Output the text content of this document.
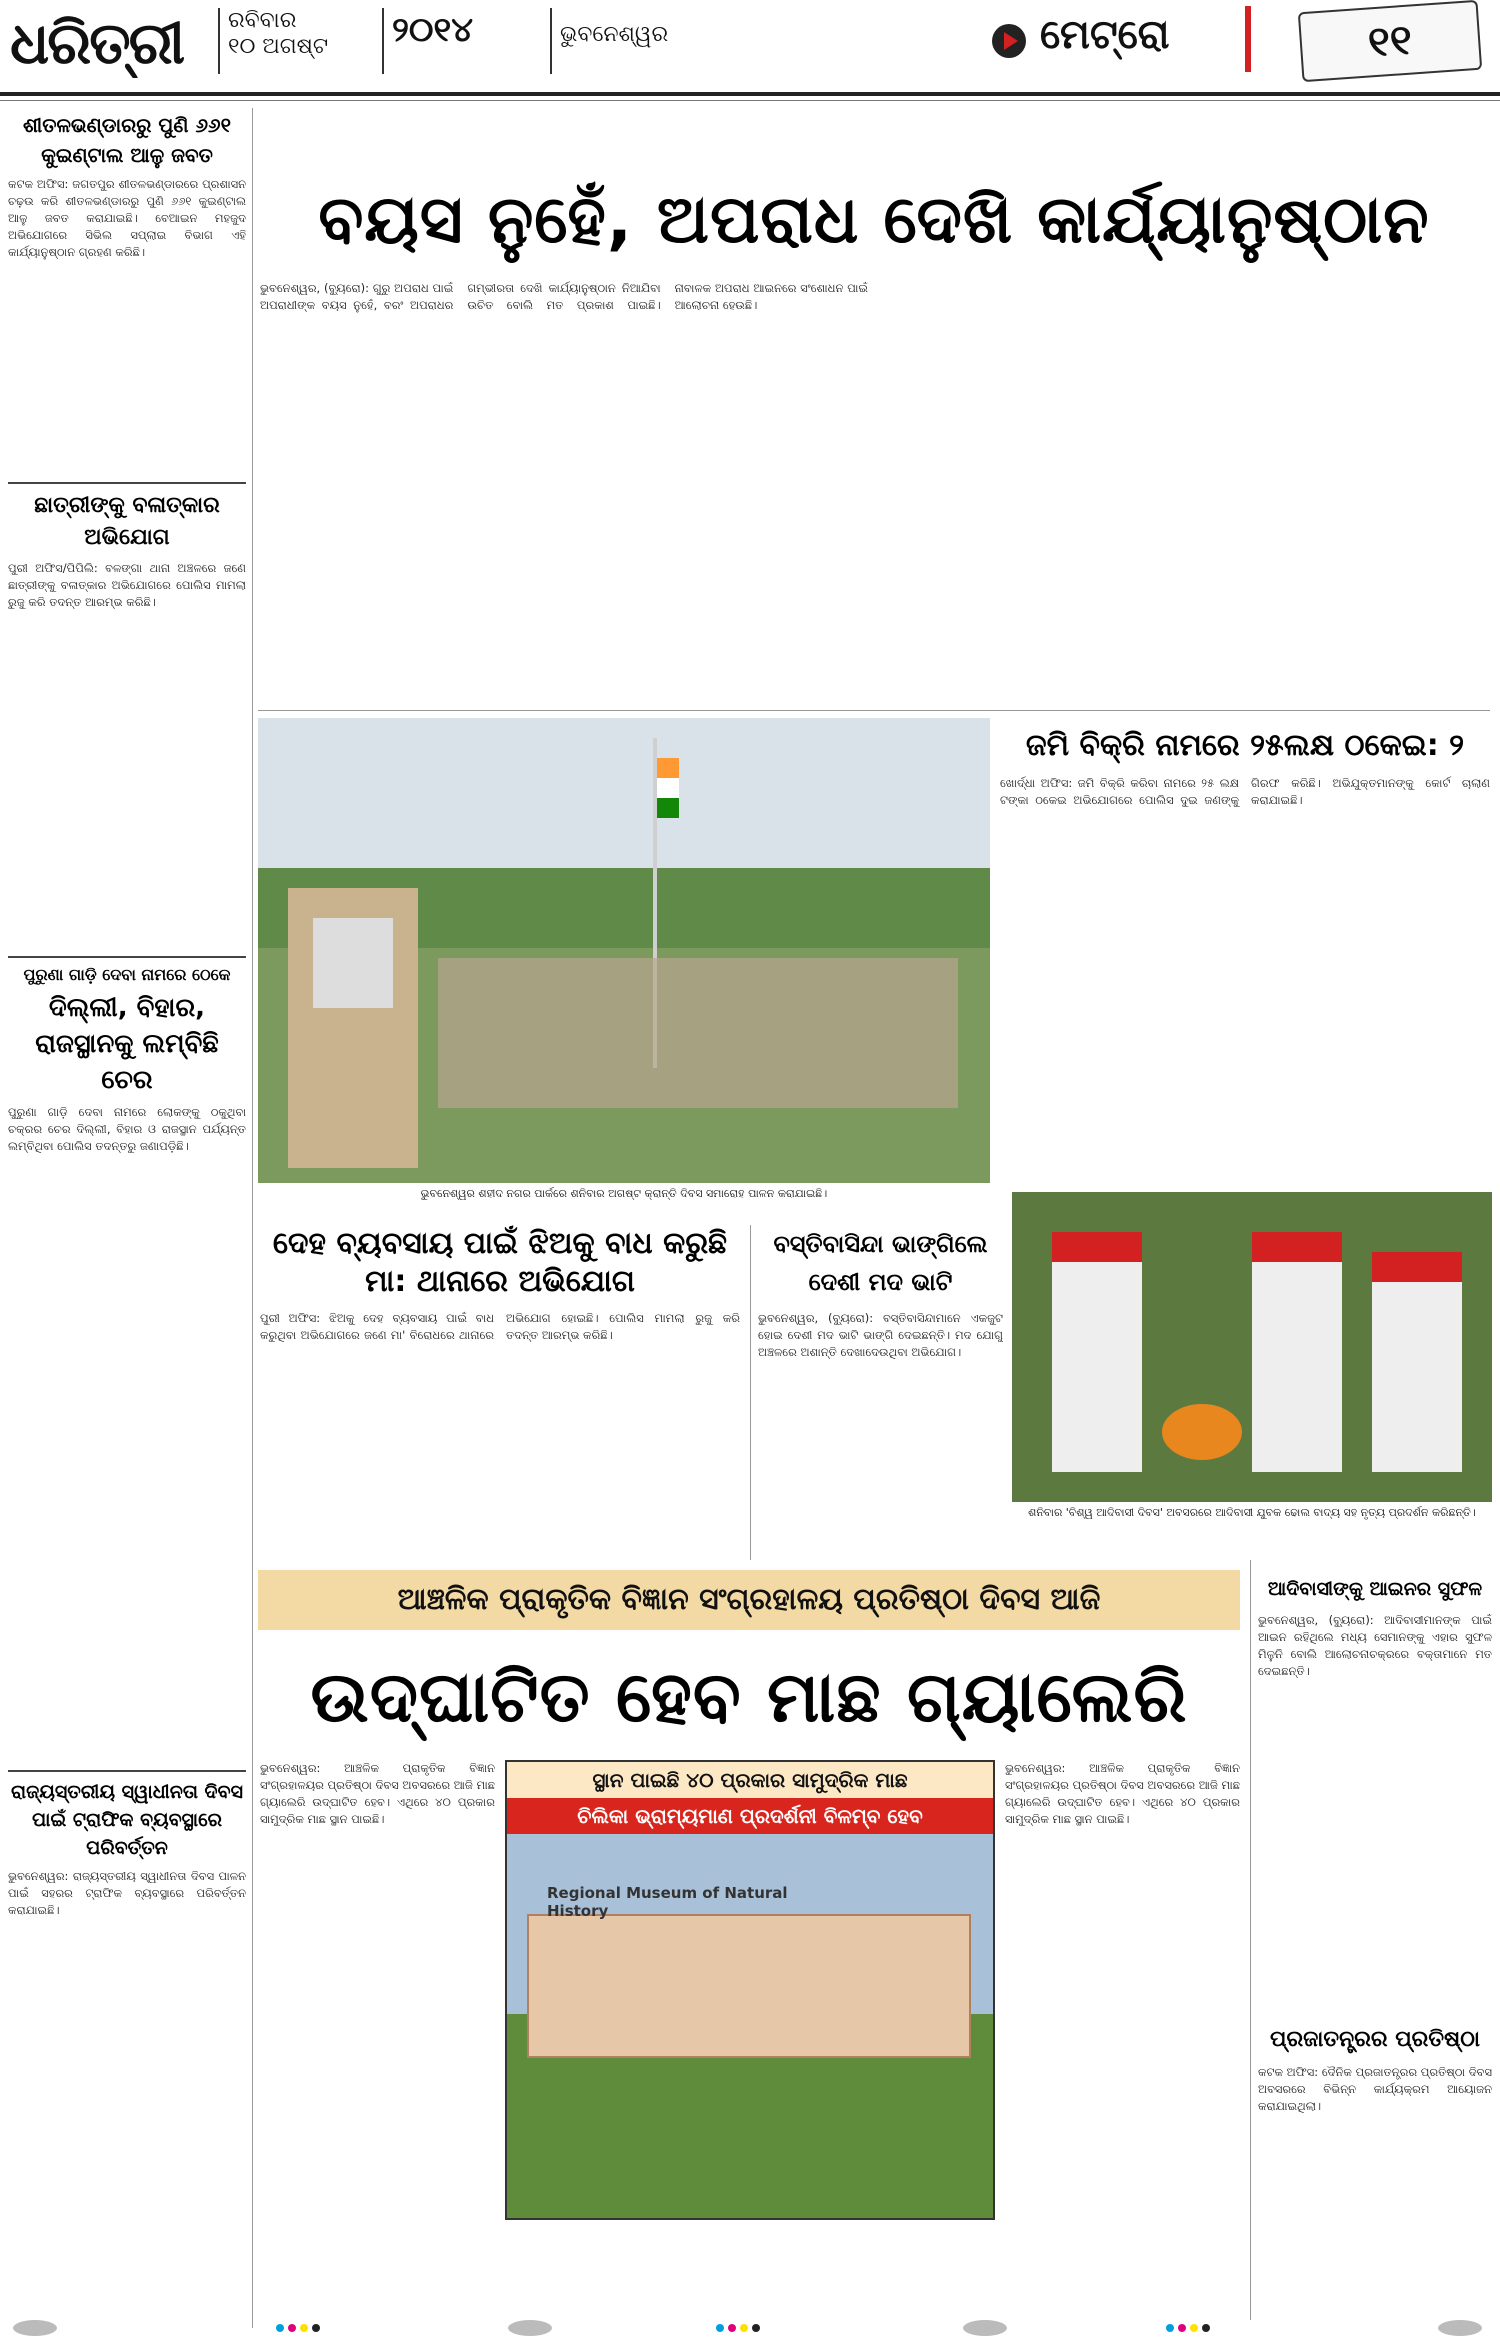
ଧରିତ୍ରୀ	ରବିବାର
୧୦ ଅଗଷ୍ଟ	୨୦୧୪	ଭୁବନେଶ୍ୱର	ମେଟ୍ରୋ	୧୧
ଶୀତଳଭଣ୍ଡାରରୁ ପୁଣି ୬୬୧ କୁଇଣ୍ଟାଲ ଆଳୁ ଜବତ
କଟକ ଅଫିସ: ଜଗତପୁର ଶୀତଳଭଣ୍ଡାରରେ ପ୍ରଶାସନ ଚଢ଼ଉ କରି ଶୀତଳଭଣ୍ଡାରରୁ ପୁଣି ୬୬୧ କୁଇଣ୍ଟାଲ ଆଳୁ ଜବତ କରାଯାଇଛି। ବେଆଇନ ମହଜୁଦ ଅଭିଯୋଗରେ ସିଭିଲ ସପ୍ଲାଇ ବିଭାଗ ଏହି କାର୍ଯ୍ୟାନୁଷ୍ଠାନ ଗ୍ରହଣ କରିଛି।
ଛାତ୍ରୀଙ୍କୁ ବଳାତ୍କାର ଅଭିଯୋଗ
ପୁରୀ ଅଫିସ/ପିପିଲି: ବଳଙ୍ଗା ଥାନା ଅଞ୍ଚଳରେ ଜଣେ ଛାତ୍ରୀଙ୍କୁ ବଳାତ୍କାର ଅଭିଯୋଗରେ ପୋଲିସ ମାମଲା ରୁଜୁ କରି ତଦନ୍ତ ଆରମ୍ଭ କରିଛି।
ପୁରୁଣା ଗାଡ଼ି ଦେବା ନାମରେ ଠେକେ
ଦିଲ୍ଲୀ, ବିହାର, ରାଜସ୍ଥାନକୁ ଲମ୍ବିଛି ଚେର
ପୁରୁଣା ଗାଡ଼ି ଦେବା ନାମରେ ଲୋକଙ୍କୁ ଠକୁଥିବା ଚକ୍ରର ଚେର ଦିଲ୍ଲୀ, ବିହାର ଓ ରାଜସ୍ଥାନ ପର୍ଯ୍ୟନ୍ତ ଲମ୍ବିଥିବା ପୋଲିସ ତଦନ୍ତରୁ ଜଣାପଡ଼ିଛି।
ରାଜ୍ୟସ୍ତରୀୟ ସ୍ୱାଧୀନତା ଦିବସ ପାଇଁ ଟ୍ରାଫିକ ବ୍ୟବସ୍ଥାରେ ପରିବର୍ତ୍ତନ
ଭୁବନେଶ୍ୱର: ରାଜ୍ୟସ୍ତରୀୟ ସ୍ୱାଧୀନତା ଦିବସ ପାଳନ ପାଇଁ ସହରର ଟ୍ରାଫିକ ବ୍ୟବସ୍ଥାରେ ପରିବର୍ତ୍ତନ କରାଯାଇଛି।
ବୟସ ନୁହେଁ, ଅପରାଧ ଦେଖି କାର୍ଯ୍ୟାନୁଷ୍ଠାନ
ଭୁବନେଶ୍ୱର, (ବ୍ୟୁରୋ): ଗୁରୁ ଅପରାଧ ପାଇଁ ଅପରାଧୀଙ୍କ ବୟସ ନୁହେଁ, ବରଂ ଅପରାଧର ଗମ୍ଭୀରତା ଦେଖି କାର୍ଯ୍ୟାନୁଷ୍ଠାନ ନିଆଯିବା ଉଚିତ ବୋଲି ମତ ପ୍ରକାଶ ପାଇଛି। ନାବାଳକ ଅପରାଧ ଆଇନରେ ସଂଶୋଧନ ପାଇଁ ଆଲୋଚନା ହେଉଛି।
ଭୁବନେଶ୍ୱର ଶହୀଦ ନଗର ପାର୍କରେ ଶନିବାର ଅଗଷ୍ଟ କ୍ରାନ୍ତି ଦିବସ ସମାରୋହ ପାଳନ କରାଯାଇଛି।
ଜମି ବିକ୍ରି ନାମରେ ୨୫ଲକ୍ଷ ଠକେଇ: ୨
ଖୋର୍ଦ୍ଧା ଅଫିସ: ଜମି ବିକ୍ରି କରିବା ନାମରେ ୨୫ ଲକ୍ଷ ଟଙ୍କା ଠକେଇ ଅଭିଯୋଗରେ ପୋଲିସ ଦୁଇ ଜଣଙ୍କୁ ଗିରଫ କରିଛି। ଅଭିଯୁକ୍ତମାନଙ୍କୁ କୋର୍ଟ ଚାଲାଣ କରାଯାଇଛି।
ଶନିବାର 'ବିଶ୍ୱ ଆଦିବାସୀ ଦିବସ' ଅବସରରେ ଆଦିବାସୀ ଯୁବକ ଢୋଲ ବାଦ୍ୟ ସହ ନୃତ୍ୟ ପ୍ରଦର୍ଶନ କରିଛନ୍ତି।
ଦେହ ବ୍ୟବସାୟ ପାଇଁ ଝିଅକୁ ବାଧ କରୁଛି ମା: ଥାନାରେ ଅଭିଯୋଗ
ପୁରୀ ଅଫିସ: ଝିଅକୁ ଦେହ ବ୍ୟବସାୟ ପାଇଁ ବାଧ କରୁଥିବା ଅଭିଯୋଗରେ ଜଣେ ମା' ବିରୋଧରେ ଥାନାରେ ଅଭିଯୋଗ ହୋଇଛି। ପୋଲିସ ମାମଲା ରୁଜୁ କରି ତଦନ୍ତ ଆରମ୍ଭ କରିଛି।
ବସ୍ତିବାସିନ୍ଦା ଭାଙ୍ଗିଲେ ଦେଶୀ ମଦ ଭାଟି
ଭୁବନେଶ୍ୱର, (ବ୍ୟୁରୋ): ବସ୍ତିବାସିନ୍ଦାମାନେ ଏକଜୁଟ ହୋଇ ଦେଶୀ ମଦ ଭାଟି ଭାଙ୍ଗି ଦେଇଛନ୍ତି। ମଦ ଯୋଗୁ ଅଞ୍ଚଳରେ ଅଶାନ୍ତି ଦେଖାଦେଉଥିବା ଅଭିଯୋଗ।
ଆଞ୍ଚଳିକ ପ୍ରାକୃତିକ ବିଜ୍ଞାନ ସଂଗ୍ରହାଳୟ ପ୍ରତିଷ୍ଠା ଦିବସ ଆଜି
ଉଦ୍‌ଘାଟିତ ହେବ ମାଛ ଗ୍ୟାଲେରି
ସ୍ଥାନ ପାଇଛି ୪୦ ପ୍ରକାର ସାମୁଦ୍ରିକ ମାଛ
ଚିଲିକା ଭ୍ରାମ୍ୟମାଣ ପ୍ରଦର୍ଶନୀ ବିଳମ୍ବ ହେବ
Regional Museum of Natural History
ଭୁବନେଶ୍ୱର: ଆଞ୍ଚଳିକ ପ୍ରାକୃତିକ ବିଜ୍ଞାନ ସଂଗ୍ରହାଳୟର ପ୍ରତିଷ୍ଠା ଦିବସ ଅବସରରେ ଆଜି ମାଛ ଗ୍ୟାଲେରି ଉଦ୍‌ଘାଟିତ ହେବ। ଏଥିରେ ୪୦ ପ୍ରକାର ସାମୁଦ୍ରିକ ମାଛ ସ୍ଥାନ ପାଇଛି।
ଭୁବନେଶ୍ୱର: ଆଞ୍ଚଳିକ ପ୍ରାକୃତିକ ବିଜ୍ଞାନ ସଂଗ୍ରହାଳୟର ପ୍ରତିଷ୍ଠା ଦିବସ ଅବସରରେ ଆଜି ମାଛ ଗ୍ୟାଲେରି ଉଦ୍‌ଘାଟିତ ହେବ। ଏଥିରେ ୪୦ ପ୍ରକାର ସାମୁଦ୍ରିକ ମାଛ ସ୍ଥାନ ପାଇଛି।
ଆଦିବାସୀଙ୍କୁ ଆଇନର ସୁଫଳ
ଭୁବନେଶ୍ୱର, (ବ୍ୟୁରୋ): ଆଦିବାସୀମାନଙ୍କ ପାଇଁ ଆଇନ ରହିଥିଲେ ମଧ୍ୟ ସେମାନଙ୍କୁ ଏହାର ସୁଫଳ ମିଳୁନି ବୋଲି ଆଲୋଚନାଚକ୍ରରେ ବକ୍ତାମାନେ ମତ ଦେଇଛନ୍ତି।
ପ୍ରଜାତନ୍ତ୍ରର ପ୍ରତିଷ୍ଠା
କଟକ ଅଫିସ: ଦୈନିକ ପ୍ରଜାତନ୍ତ୍ରର ପ୍ରତିଷ୍ଠା ଦିବସ ଅବସରରେ ବିଭିନ୍ନ କାର୍ଯ୍ୟକ୍ରମ ଆୟୋଜନ କରାଯାଇଥିଲା।
